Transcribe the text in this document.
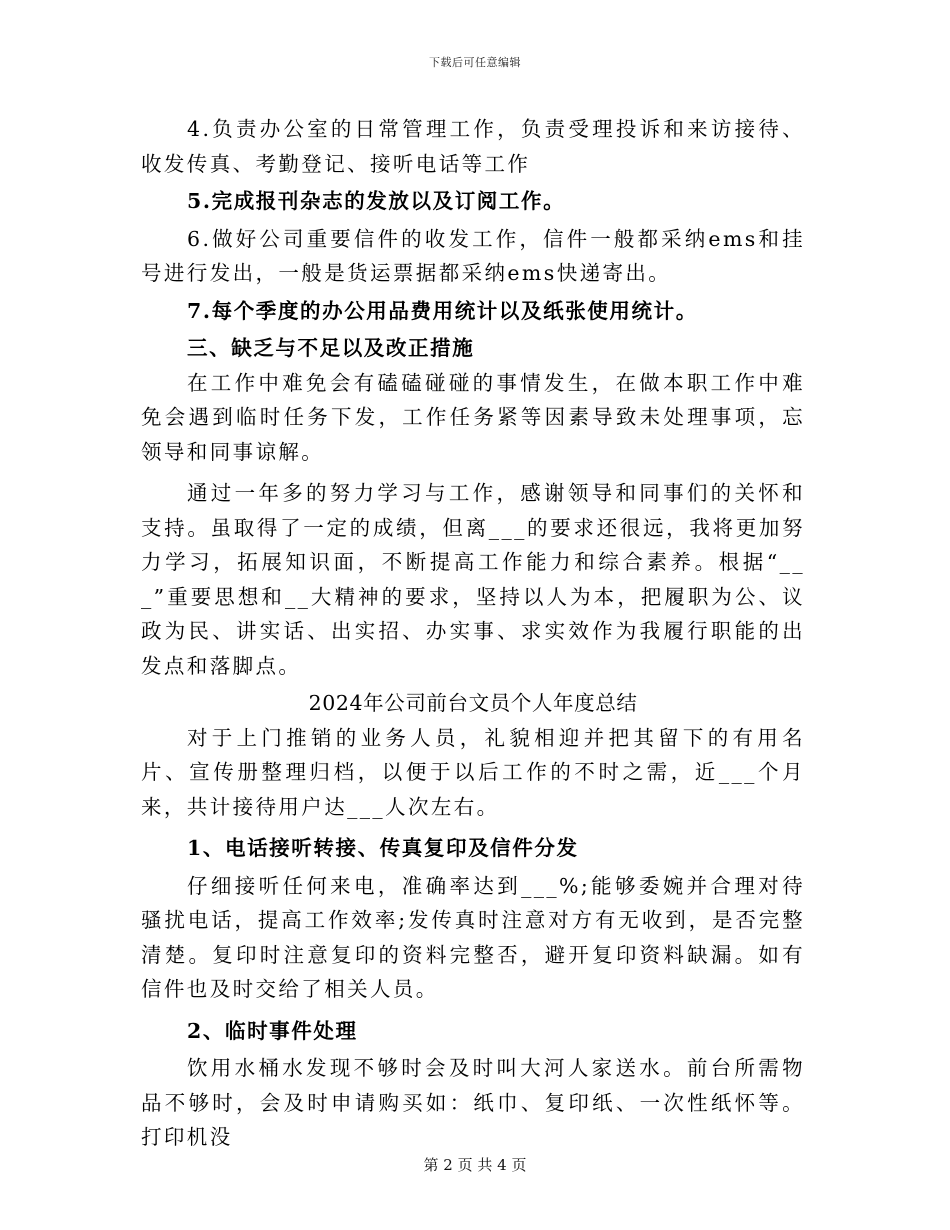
下载后可任意编辑

4.负责办公室的日常管理工作，负责受理投诉和来访接待、收发传真、考勤登记、接听电话等工作

5.完成报刊杂志的发放以及订阅工作。

6.做好公司重要信件的收发工作，信件一般都采纳ems和挂号进行发出，一般是货运票据都采纳ems快递寄出。

7.每个季度的办公用品费用统计以及纸张使用统计。

三、缺乏与不足以及改正措施

在工作中难免会有磕磕碰碰的事情发生，在做本职工作中难免会遇到临时任务下发，工作任务紧等因素导致未处理事项，忘领导和同事谅解。

通过一年多的努力学习与工作，感谢领导和同事们的关怀和支持。虽取得了一定的成绩，但离___的要求还很远，我将更加努力学习，拓展知识面，不断提高工作能力和综合素养。根据“___”重要思想和__大精神的要求，坚持以人为本，把履职为公、议政为民、讲实话、出实招、办实事、求实效作为我履行职能的出发点和落脚点。

2024年公司前台文员个人年度总结

对于上门推销的业务人员，礼貌相迎并把其留下的有用名片、宣传册整理归档，以便于以后工作的不时之需，近___个月来，共计接待用户达___人次左右。

1、电话接听转接、传真复印及信件分发

仔细接听任何来电，准确率达到___%;能够委婉并合理对待骚扰电话，提高工作效率;发传真时注意对方有无收到，是否完整清楚。复印时注意复印的资料完整否，避开复印资料缺漏。如有信件也及时交给了相关人员。

2、临时事件处理

饮用水桶水发现不够时会及时叫大河人家送水。前台所需物品不够时，会及时申请购买如：纸巾、复印纸、一次性纸怀等。打印机没

第 2 页 共 4 页
